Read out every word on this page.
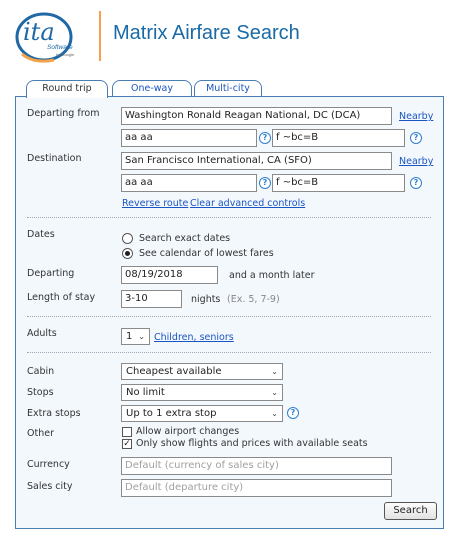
ita
Software
by Google
Matrix Airfare Search
Round trip	One-way	Multi-city
Departing from	Washington Ronald Reagan National, DC (DCA)	Nearby
aa aa	? f ~bc=B	?
Destination	San Francisco International, CA (SFO)	Nearby
aa aa	? f ~bc=B	?
Reverse route Clear advanced controls
Dates	Search exact dates
See calendar of lowest fares
Departing	08/19/2018	and a month later
Length of stay	3-10	nights (Ex. 5, 7-9)
Adults	1 ⌄ Children, seniors
Cabin	Cheapest available	⌄
Stops	No limit	⌄
Extra stops	Up to 1 extra stop	⌄	?
Other	Allow airport changes
✓ Only show flights and prices with available seats
Currency	Default (currency of sales city)
Sales city	Default (departure city)
Search
